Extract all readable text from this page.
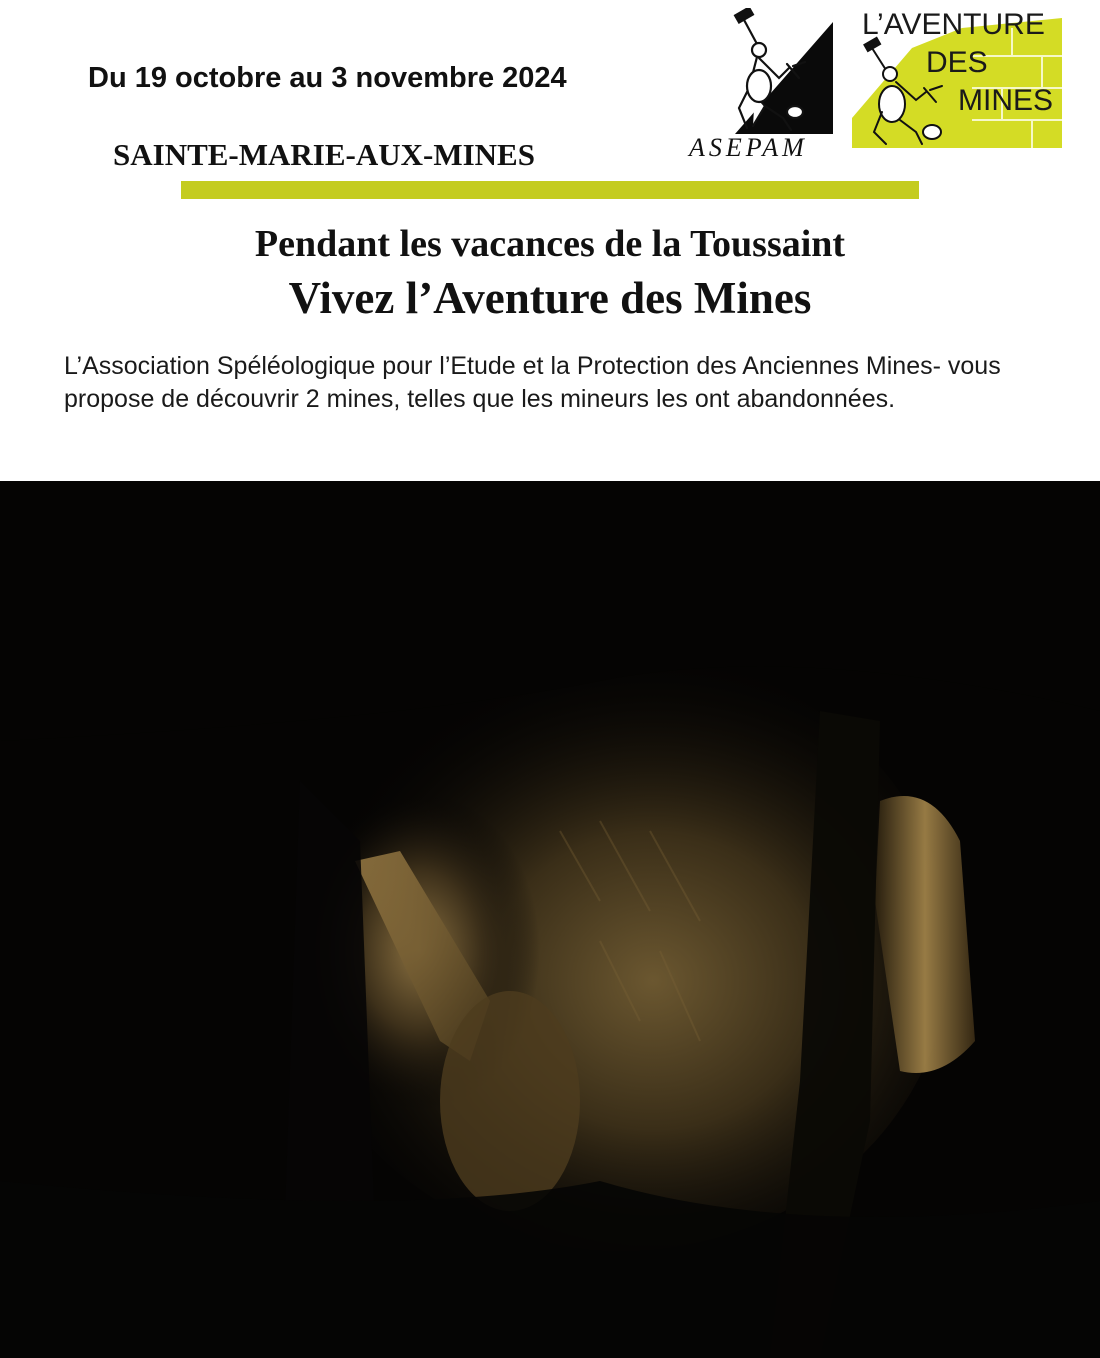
Du 19 octobre au 3 novembre 2024
SAINTE-MARIE-AUX-MINES	ASEPAM
L’AVENTURE
DES
MINES
Pendant les vacances de la Toussaint
Vivez l’Aventure des Mines
L’Association Spéléologique pour l’Etude et la Protection des Anciennes Mines- vous propose de découvrir 2 mines, telles que les mineurs les ont abandonnées.
